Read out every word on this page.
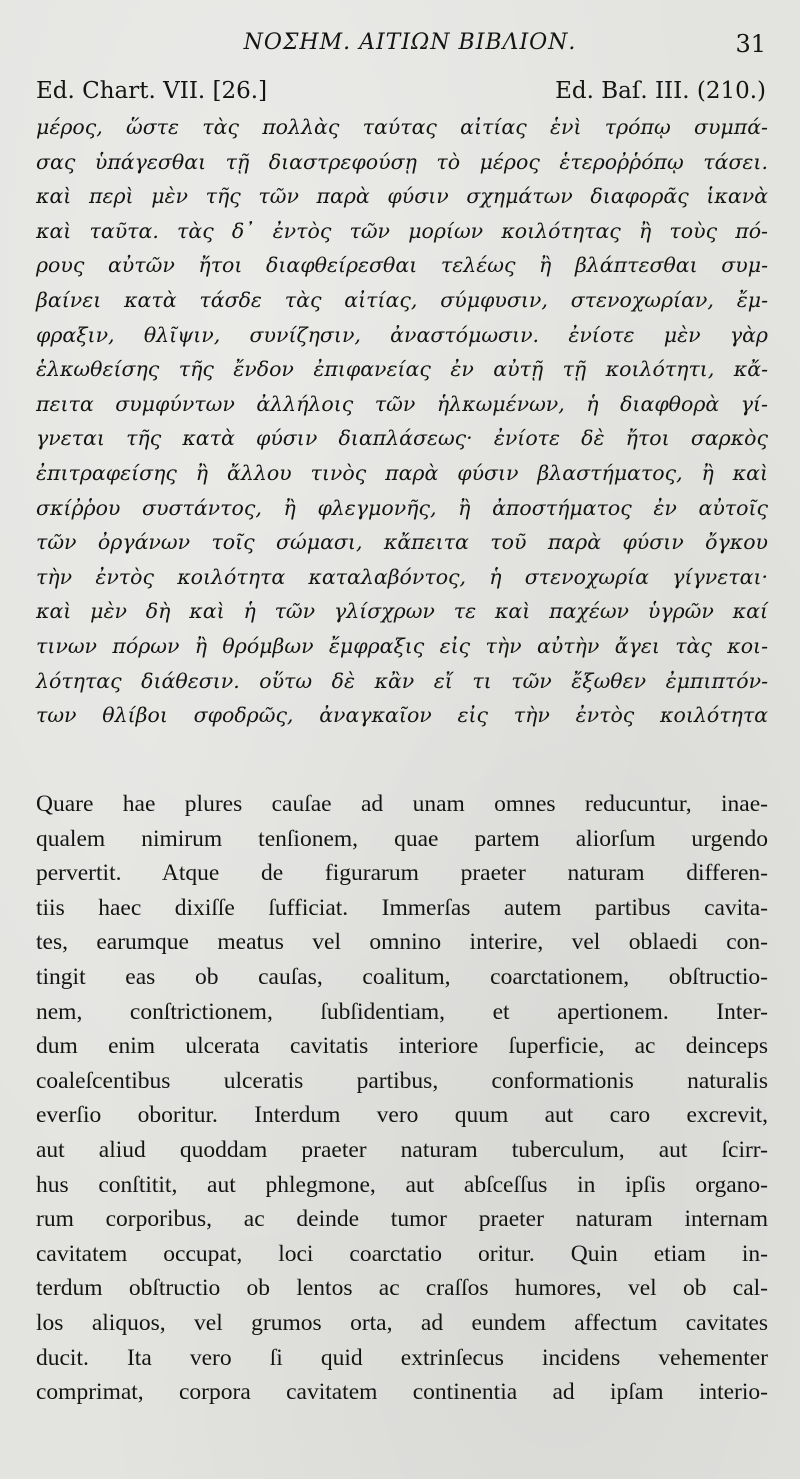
ΝΟΣΗΜ. ΑΙΤΙΩΝ ΒΙΒΛΙΟΝ.	31
Ed. Chart. VII. [26.]	Ed. Baſ. III. (210.)
μέρος, ὥστε τὰς πολλὰς ταύτας αἰτίας ἑνὶ τρόπῳ συμπά-
σας ὑπάγεσθαι τῇ διαστρεφούσῃ τὸ μέρος ἑτεροῤῥόπῳ τάσει.
καὶ περὶ μὲν τῆς τῶν παρὰ φύσιν σχημάτων διαφορᾶς ἱκανὰ
καὶ ταῦτα. τὰς δ᾽ ἐντὸς τῶν μορίων κοιλότητας ἢ τοὺς πό-
ρους αὐτῶν ἤτοι διαφθείρεσθαι τελέως ἢ βλάπτεσθαι συμ-
βαίνει κατὰ τάσδε τὰς αἰτίας, σύμφυσιν, στενοχωρίαν, ἔμ-
φραξιν, θλῖψιν, συνίζησιν, ἀναστόμωσιν. ἐνίοτε μὲν γὰρ
ἑλκωθείσης τῆς ἔνδον ἐπιφανείας ἐν αὐτῇ τῇ κοιλότητι, κἄ-
πειτα συμφύντων ἀλλήλοις τῶν ἡλκωμένων, ἡ διαφθορὰ γί-
γνεται τῆς κατὰ φύσιν διαπλάσεως· ἐνίοτε δὲ ἤτοι σαρκὸς
ἐπιτραφείσης ἢ ἄλλου τινὸς παρὰ φύσιν βλαστήματος, ἢ καὶ
σκίῤῥου συστάντος, ἢ φλεγμονῆς, ἢ ἀποστήματος ἐν αὐτοῖς
τῶν ὀργάνων τοῖς σώμασι, κἄπειτα τοῦ παρὰ φύσιν ὄγκου
τὴν ἐντὸς κοιλότητα καταλαβόντος, ἡ στενοχωρία γίγνεται·
καὶ μὲν δὴ καὶ ἡ τῶν γλίσχρων τε καὶ παχέων ὑγρῶν καί
τινων πόρων ἢ θρόμβων ἔμφραξις εἰς τὴν αὐτὴν ἄγει τὰς κοι-
λότητας διάθεσιν. οὕτω δὲ κἂν εἴ τι τῶν ἔξωθεν ἐμπιπτόν-
των θλίβοι σφοδρῶς, ἀναγκαῖον εἰς τὴν ἐντὸς κοιλότητα
Quare hae plures cauſae ad unam omnes reducuntur, inae-
qualem nimirum tenſionem, quae partem aliorſum urgendo
pervertit. Atque de figurarum praeter naturam differen-
tiis haec dixiſſe ſufficiat. Immerſas autem partibus cavita-
tes, earumque meatus vel omnino interire, vel oblaedi con-
tingit eas ob cauſas, coalitum, coarctationem, obſtructio-
nem, conſtrictionem, ſubſidentiam, et apertionem. Inter-
dum enim ulcerata cavitatis interiore ſuperficie, ac deinceps
coaleſcentibus ulceratis partibus, conformationis naturalis
everſio oboritur. Interdum vero quum aut caro excrevit,
aut aliud quoddam praeter naturam tuberculum, aut ſcirr-
hus conſtitit, aut phlegmone, aut abſceſſus in ipſis organo-
rum corporibus, ac deinde tumor praeter naturam internam
cavitatem occupat, loci coarctatio oritur. Quin etiam in-
terdum obſtructio ob lentos ac craſſos humores, vel ob cal-
los aliquos, vel grumos orta, ad eundem affectum cavitates
ducit. Ita vero ſi quid extrinſecus incidens vehementer
comprimat, corpora cavitatem continentia ad ipſam interio-
